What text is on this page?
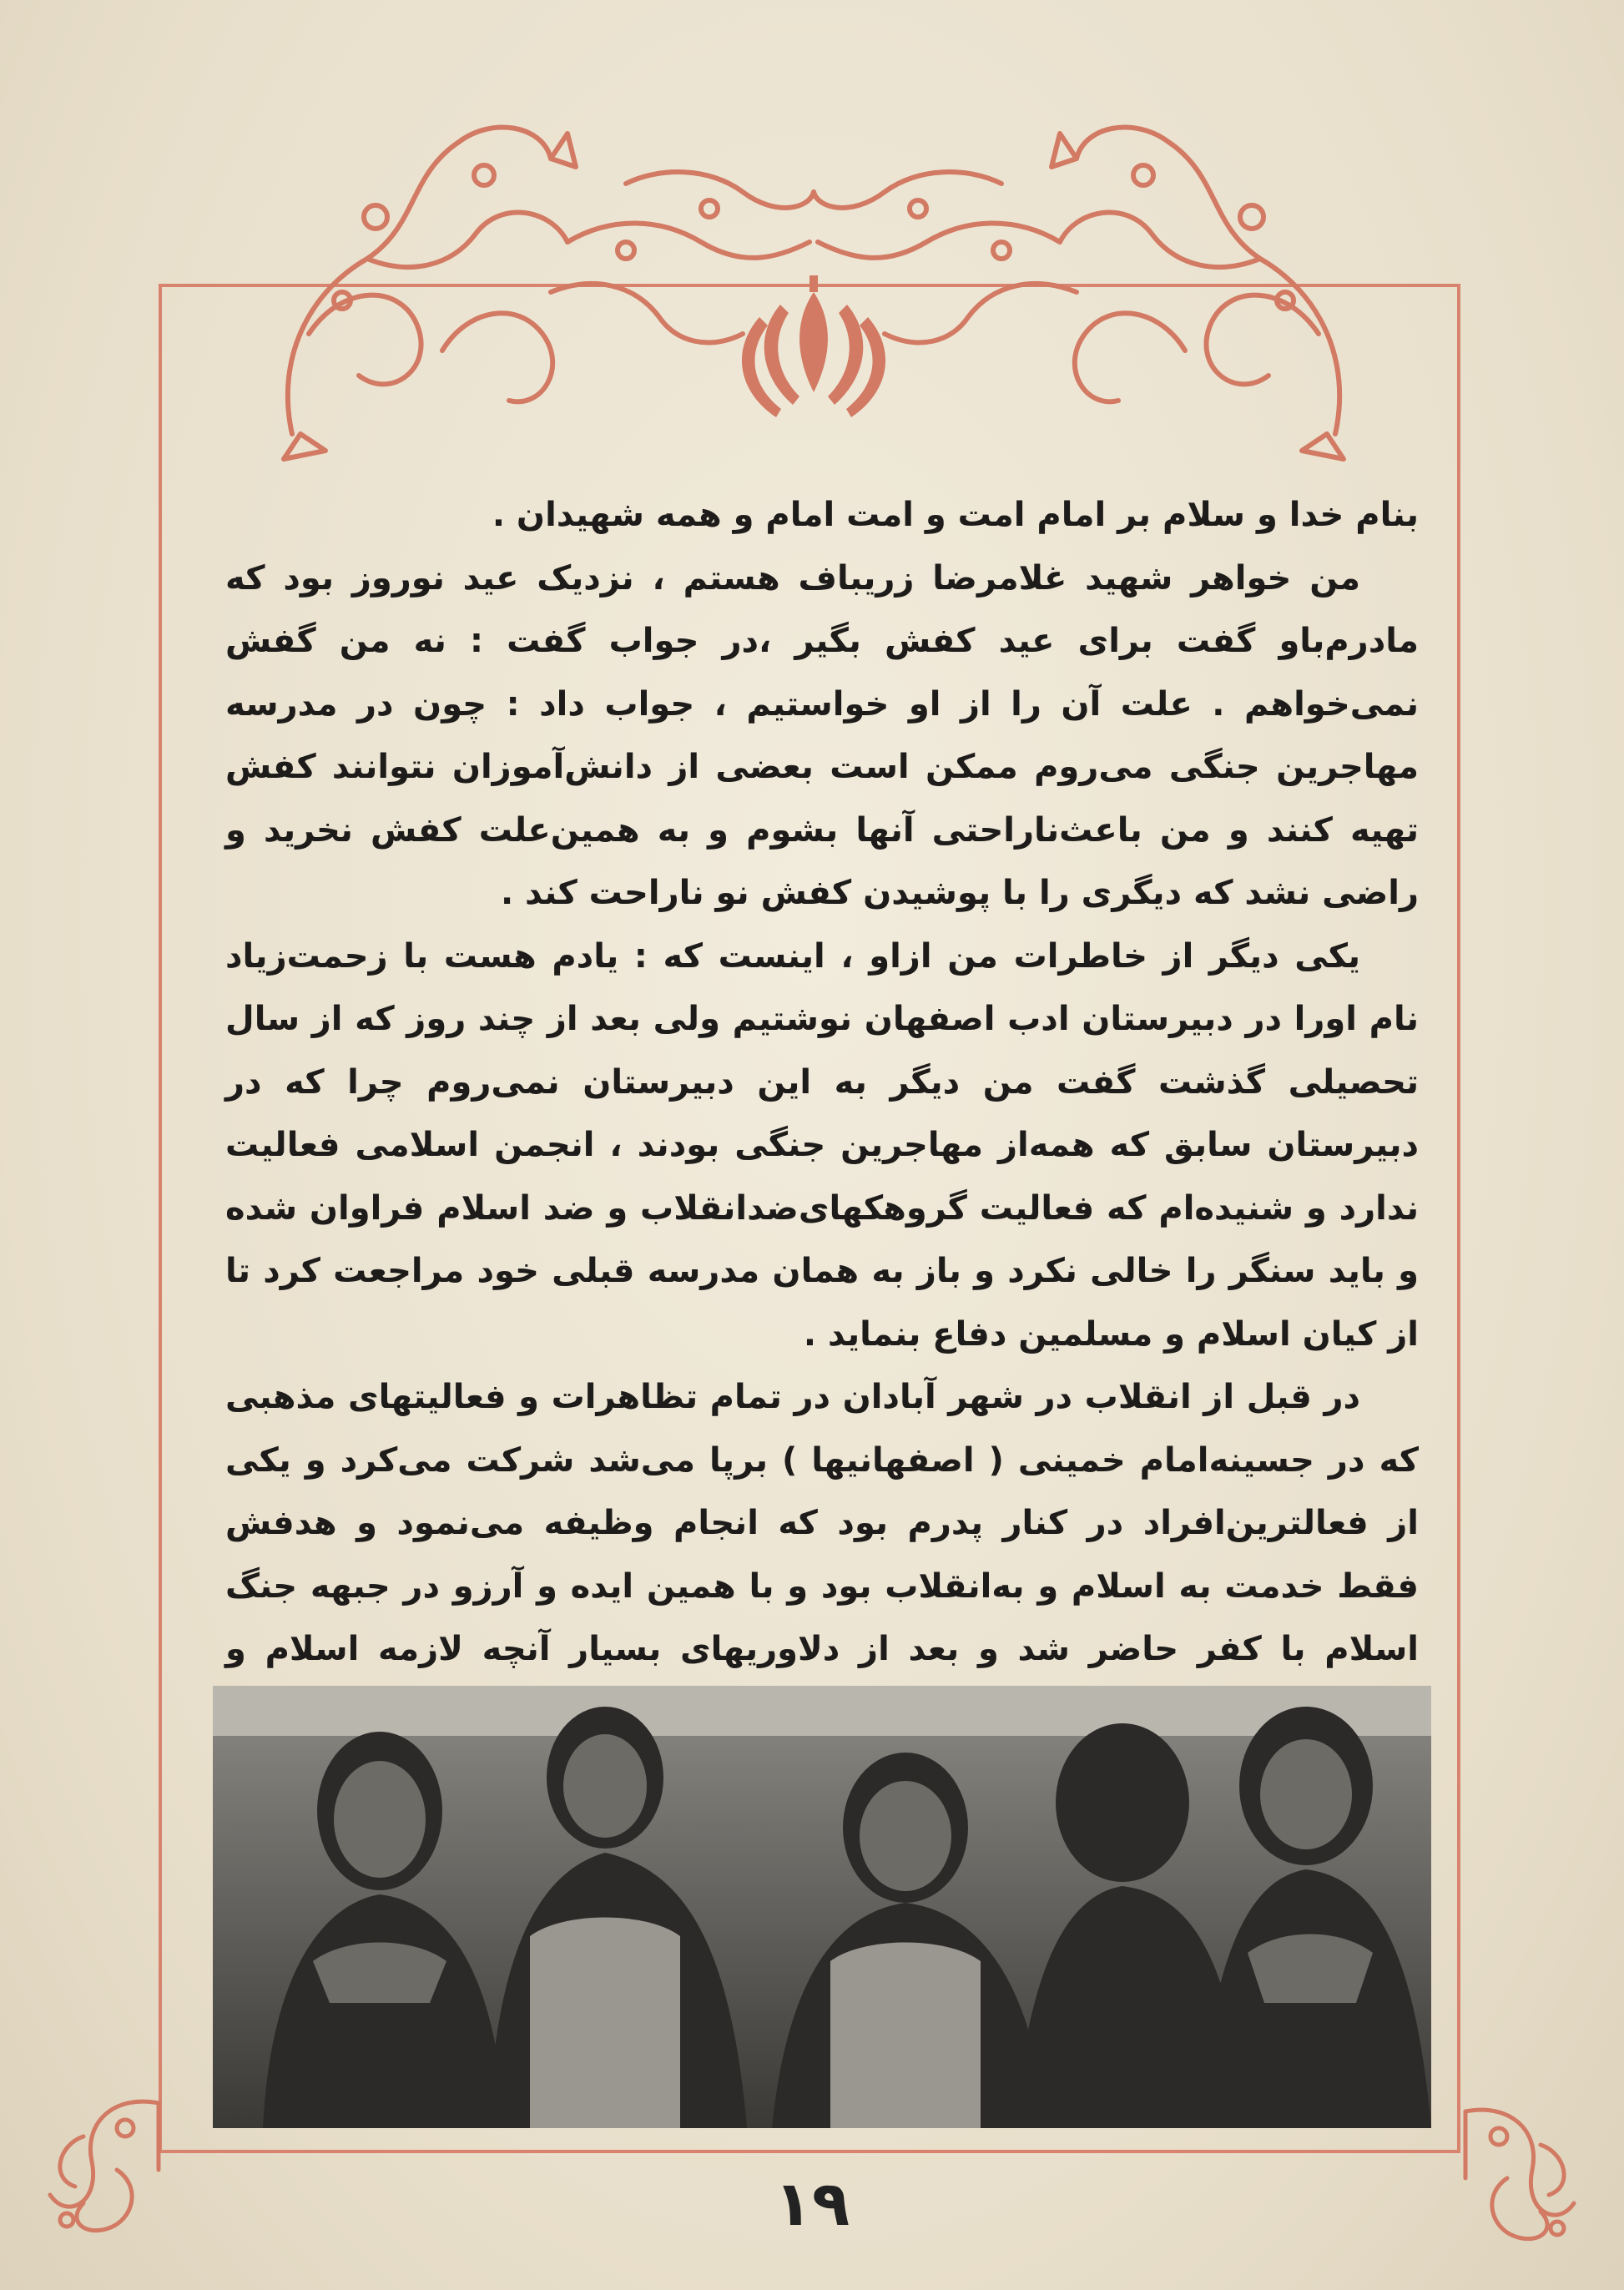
بنام خدا و سلام بر امام امت و امت امام و همه شهیدان .

من خواهر شهید غلامرضا زریباف هستم ، نزدیک عید نوروز بود که مادرم‌باو گفت برای عید کفش بگیر ،در جواب گفت : نه من گفش نمی‌خواهم . علت آن را از او خواستیم ، جواب داد : چون در مدرسه مهاجرین جنگی می‌روم ممکن است بعضی از دانش‌آموزان نتوانند کفش تهیه کنند و من باعث‌ناراحتی آنها بشوم و به همین‌علت کفش نخرید و راضی نشد که دیگری را با پوشیدن کفش نو ناراحت کند .

یکی دیگر از خاطرات من ازاو ، اینست که : یادم هست با زحمت‌زیاد نام اورا در دبیرستان ادب اصفهان نوشتیم ولی بعد از چند روز که از سال تحصیلی گذشت گفت من دیگر به این دبیرستان نمی‌روم چرا که در دبیرستان سابق که همه‌از مهاجرین جنگی بودند ، انجمن اسلامی فعالیت ندارد و شنیده‌ام که فعالیت گروهکهای‌ضدانقلاب و ضد اسلام فراوان شده و باید سنگر را خالی نکرد و باز به همان مدرسه قبلی خود مراجعت کرد تا از کیان اسلام و مسلمین دفاع بنماید .

در قبل از انقلاب در شهر آبادان در تمام تظاهرات و فعالیتهای مذهبی که در جسینه‌امام خمینی ( اصفهانیها ) برپا می‌شد شرکت می‌کرد و یکی از فعالترین‌افراد در کنار پدرم بود که انجام وظیفه می‌نمود و هدفش فقط خدمت به اسلام و به‌انقلاب بود و با همین ایده و آرزو در جبهه جنگ اسلام با کفر حاضر شد و بعد از دلاوریهای بسیار آنچه لازمه اسلام و

١٩
